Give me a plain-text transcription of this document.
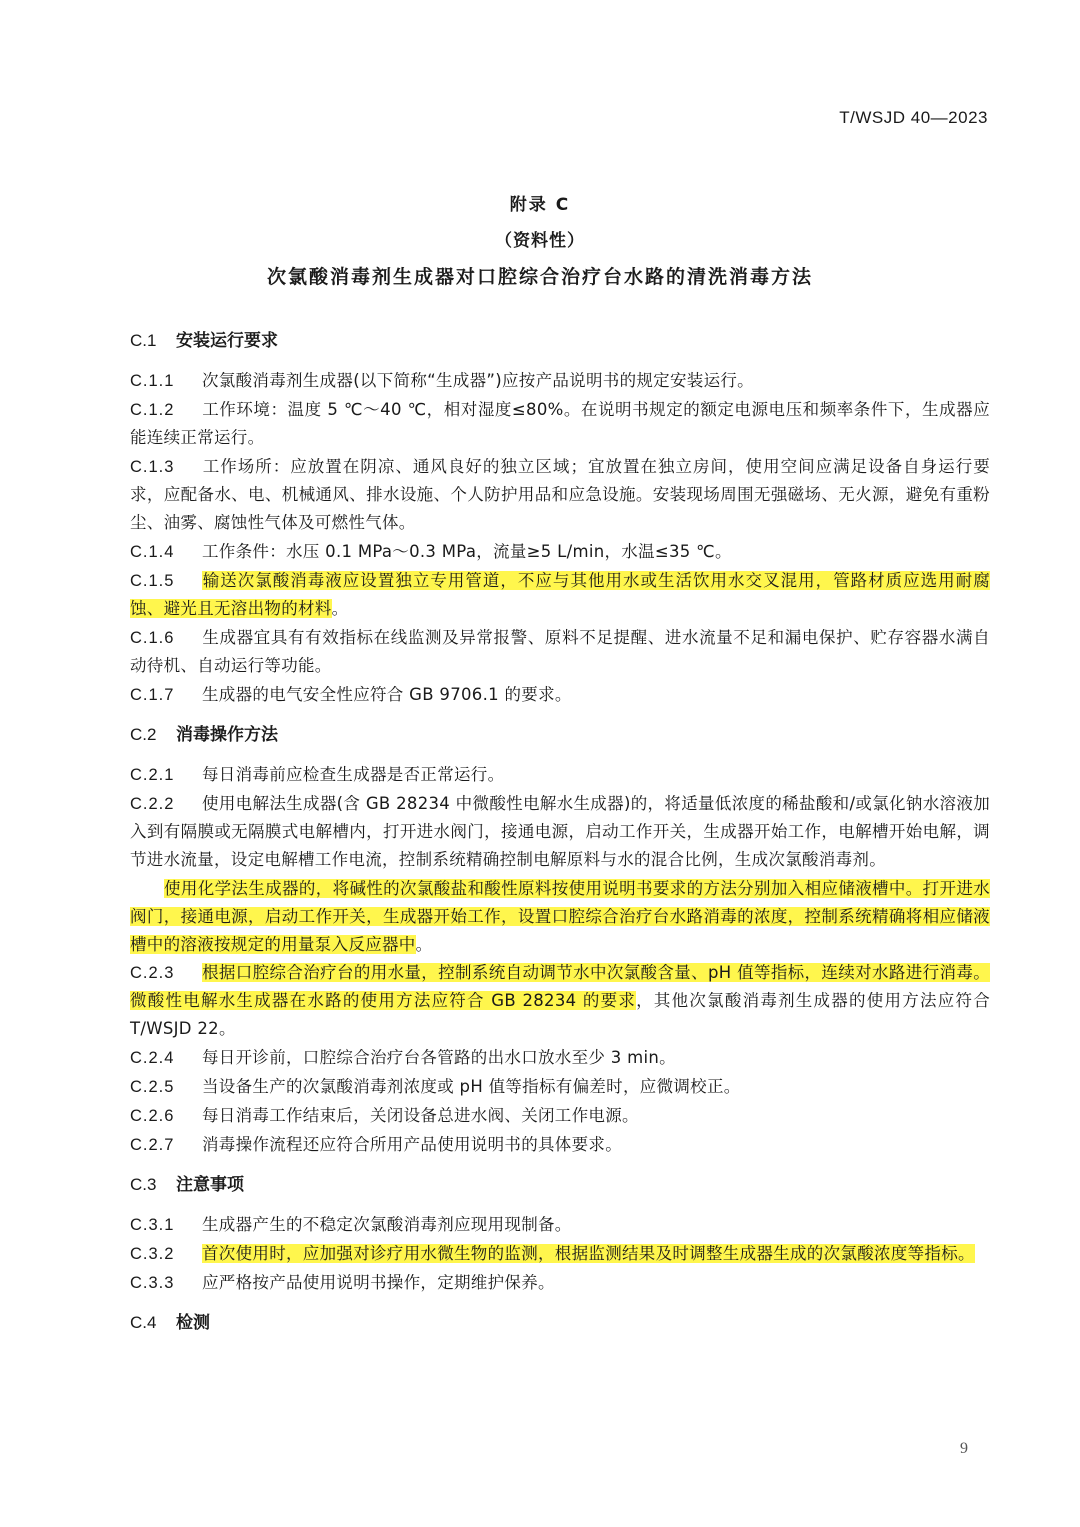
T/WSJD 40—2023
附录 C
（资料性）
次氯酸消毒剂生成器对口腔综合治疗台水路的清洗消毒方法
C.1 安装运行要求

C.1.1 次氯酸消毒剂生成器(以下简称“生成器”)应按产品说明书的规定安装运行。

C.1.2 工作环境：温度 5 ℃～40 ℃，相对湿度≤80%。在说明书规定的额定电源电压和频率条件下，生成器应能连续正常运行。

C.1.3 工作场所：应放置在阴凉、通风良好的独立区域；宜放置在独立房间，使用空间应满足设备自身运行要求，应配备水、电、机械通风、排水设施、个人防护用品和应急设施。安装现场周围无强磁场、无火源，避免有重粉尘、油雾、腐蚀性气体及可燃性气体。

C.1.4 工作条件：水压 0.1 MPa～0.3 MPa，流量≥5 L/min，水温≤35 ℃。

C.1.5 输送次氯酸消毒液应设置独立专用管道，不应与其他用水或生活饮用水交叉混用，管路材质应选用耐腐蚀、避光且无溶出物的材料。

C.1.6 生成器宜具有有效指标在线监测及异常报警、原料不足提醒、进水流量不足和漏电保护、贮存容器水满自动待机、自动运行等功能。

C.1.7 生成器的电气安全性应符合 GB 9706.1 的要求。

C.2 消毒操作方法

C.2.1 每日消毒前应检查生成器是否正常运行。

C.2.2 使用电解法生成器(含 GB 28234 中微酸性电解水生成器)的，将适量低浓度的稀盐酸和/或氯化钠水溶液加入到有隔膜或无隔膜式电解槽内，打开进水阀门，接通电源，启动工作开关，生成器开始工作，电解槽开始电解，调节进水流量，设定电解槽工作电流，控制系统精确控制电解原料与水的混合比例，生成次氯酸消毒剂。

使用化学法生成器的，将碱性的次氯酸盐和酸性原料按使用说明书要求的方法分别加入相应储液槽中。打开进水阀门，接通电源，启动工作开关，生成器开始工作，设置口腔综合治疗台水路消毒的浓度，控制系统精确将相应储液槽中的溶液按规定的用量泵入反应器中。

C.2.3 根据口腔综合治疗台的用水量，控制系统自动调节水中次氯酸含量、pH 值等指标，连续对水路进行消毒。微酸性电解水生成器在水路的使用方法应符合 GB 28234 的要求，其他次氯酸消毒剂生成器的使用方法应符合 T/WSJD 22。

C.2.4 每日开诊前，口腔综合治疗台各管路的出水口放水至少 3 min。

C.2.5 当设备生产的次氯酸消毒剂浓度或 pH 值等指标有偏差时，应微调校正。

C.2.6 每日消毒工作结束后，关闭设备总进水阀、关闭工作电源。

C.2.7 消毒操作流程还应符合所用产品使用说明书的具体要求。

C.3 注意事项

C.3.1 生成器产生的不稳定次氯酸消毒剂应现用现制备。

C.3.2 首次使用时，应加强对诊疗用水微生物的监测，根据监测结果及时调整生成器生成的次氯酸浓度等指标。

C.3.3 应严格按产品使用说明书操作，定期维护保养。

C.4 检测
9
